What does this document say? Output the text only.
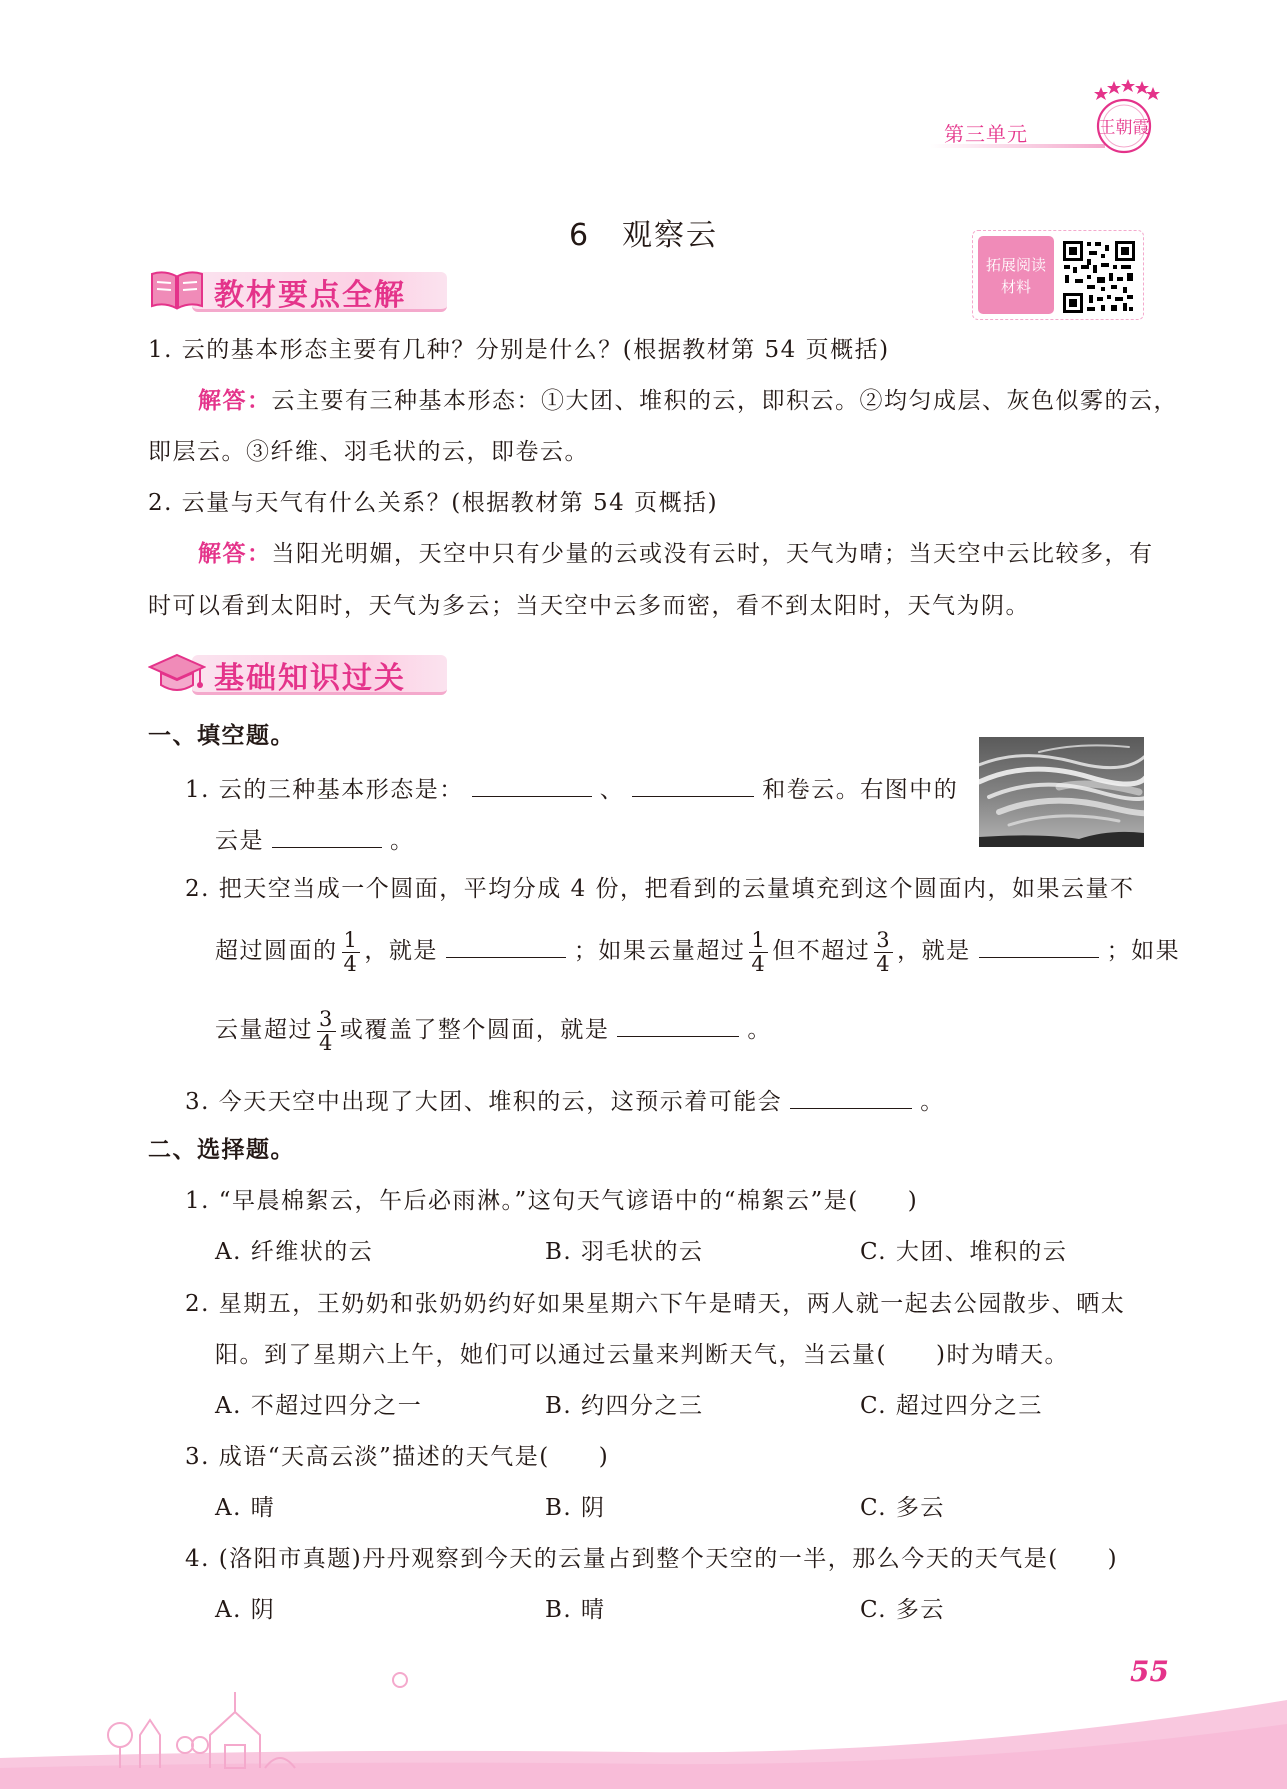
第三单元	王朝霞
6　观察云
拓展阅读
材料
教材要点全解
1. 云的基本形态主要有几种？分别是什么？(根据教材第 54 页概括)
解答：云主要有三种基本形态：①大团、堆积的云，即积云。②均匀成层、灰色似雾的云，
即层云。③纤维、羽毛状的云，即卷云。
2. 云量与天气有什么关系？(根据教材第 54 页概括)
解答：当阳光明媚，天空中只有少量的云或没有云时，天气为晴；当天空中云比较多，有
时可以看到太阳时，天气为多云；当天空中云多而密，看不到太阳时，天气为阴。
基础知识过关
一、填空题。
1. 云的三种基本形态是：	、	和卷云。右图中的
云是	。
2. 把天空当成一个圆面，平均分成 4 份，把看到的云量填充到这个圆面内，如果云量不
超过圆面的 $\frac{1}{4}$ ，就是	；如果云量超过 $\frac{1}{4}$ 但不超过 $\frac{3}{4}$ ，就是	；如果
云量超过 $\frac{3}{4}$ 或覆盖了整个圆面，就是	。
3. 今天天空中出现了大团、堆积的云，这预示着可能会	。
二、选择题。
1. “早晨棉絮云，午后必雨淋。”这句天气谚语中的“棉絮云”是(　　)
A. 纤维状的云	B. 羽毛状的云	C. 大团、堆积的云
2. 星期五，王奶奶和张奶奶约好如果星期六下午是晴天，两人就一起去公园散步、晒太
阳。到了星期六上午，她们可以通过云量来判断天气，当云量(　　)时为晴天。
A. 不超过四分之一	B. 约四分之三	C. 超过四分之三
3. 成语“天高云淡”描述的天气是(　　)
A. 晴	B. 阴	C. 多云
4. (洛阳市真题)丹丹观察到今天的云量占到整个天空的一半，那么今天的天气是(　　)
A. 阴	B. 晴	C. 多云
55
